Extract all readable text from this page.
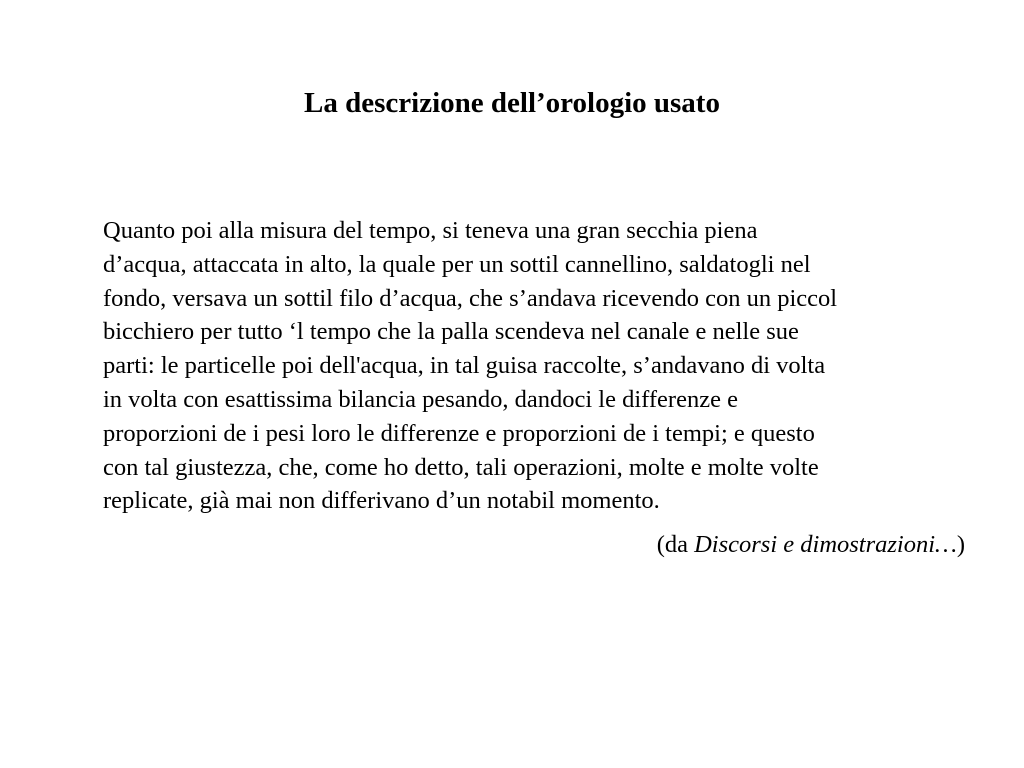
La descrizione dell’orologio usato
Quanto poi alla misura del tempo, si teneva una gran secchia piena
d’acqua, attaccata in alto, la quale per un sottil cannellino, saldatogli nel
fondo, versava un sottil filo d’acqua, che s’andava ricevendo con un piccol
bicchiero per tutto ‘l tempo che la palla scendeva nel canale e nelle sue
parti: le particelle poi dell'acqua, in tal guisa raccolte, s’andavano di volta
in volta con esattissima bilancia pesando, dandoci le differenze e
proporzioni de i pesi loro le differenze e proporzioni de i tempi; e questo
con tal giustezza, che, come ho detto, tali operazioni, molte e molte volte
replicate, già mai non differivano d’un notabil momento.
(da Discorsi e dimostrazioni…)
